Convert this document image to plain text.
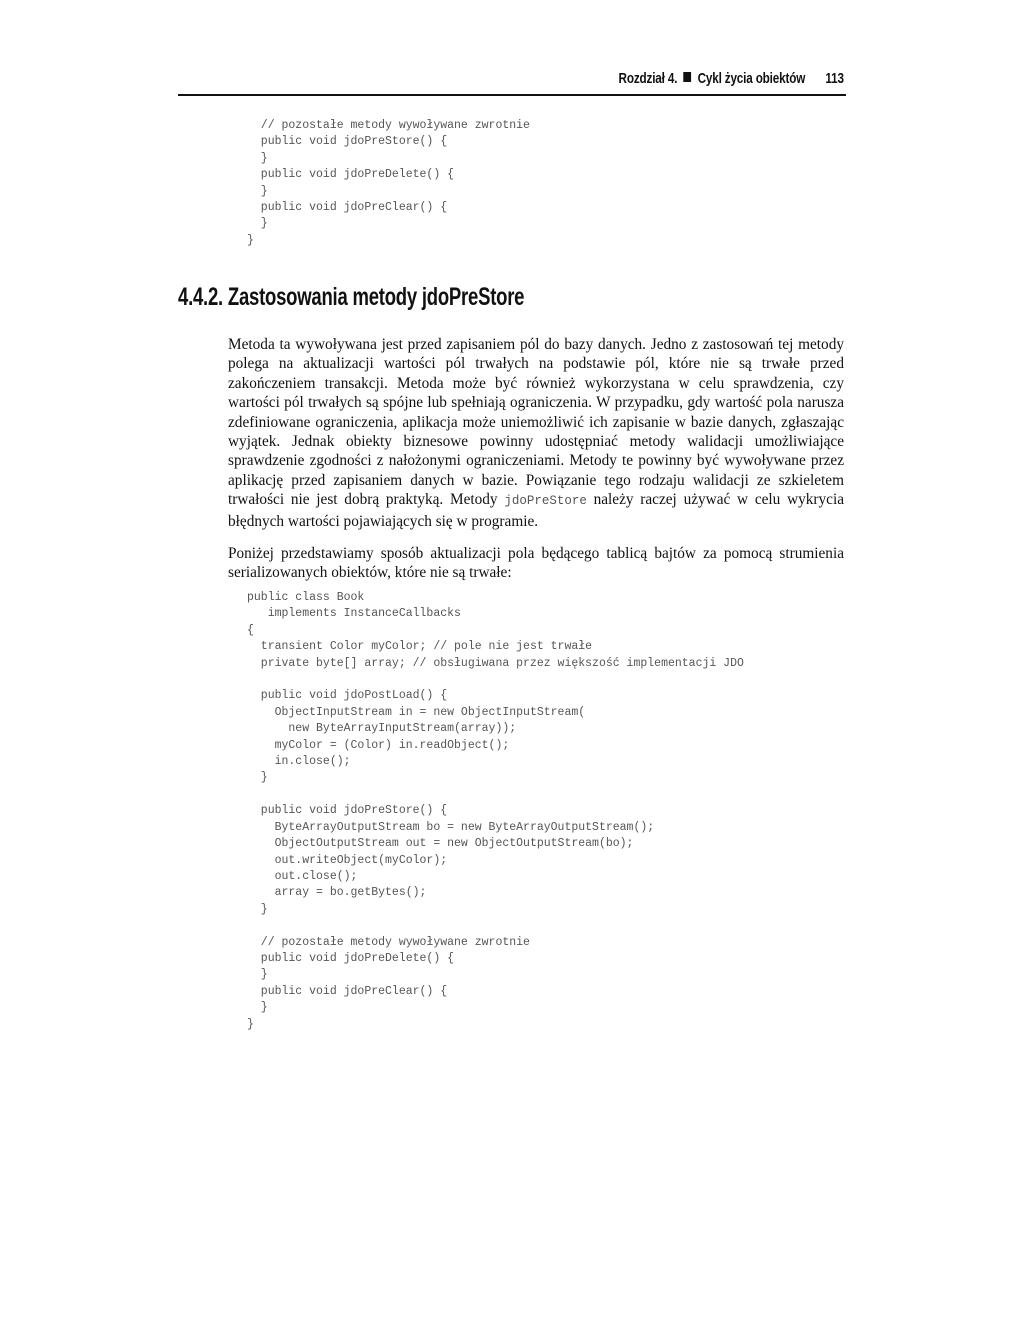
Rozdział 4. Cykl życia obiektów 113
// pozostałe metody wywoływane zwrotnie
public void jdoPreStore() {
}
public void jdoPreDelete() {
}
public void jdoPreClear() {
}
}
4.4.2. Zastosowania metody jdoPreStore

Metoda ta wywoływana jest przed zapisaniem pól do bazy danych. Jedno z zastosowań tej metody polega na aktualizacji wartości pól trwałych na podstawie pól, które nie są trwałe przed zakończeniem transakcji. Metoda może być również wykorzystana w celu sprawdzenia, czy wartości pól trwałych są spójne lub spełniają ograniczenia. W przypadku, gdy wartość pola narusza zdefiniowane ograniczenia, aplikacja może uniemożliwić ich zapisanie w bazie danych, zgłaszając wyjątek. Jednak obiekty biznesowe powinny udostępniać metody walidacji umożliwiające sprawdzenie zgodności z nałożonymi ograniczeniami. Metody te powinny być wywoływane przez aplikację przed zapisaniem danych w bazie. Powiązanie tego rodzaju walidacji ze szkieletem trwałości nie jest dobrą praktyką. Metody jdoPreStore należy raczej używać w celu wykrycia błędnych wartości pojawiających się w programie.

Poniżej przedstawiamy sposób aktualizacji pola będącego tablicą bajtów za pomocą strumienia serializowanych obiektów, które nie są trwałe:

public class Book
implements InstanceCallbacks
{
transient Color myColor; // pole nie jest trwałe
private byte[] array; // obsługiwana przez większość implementacji JDO

public void jdoPostLoad() {
ObjectInputStream in = new ObjectInputStream(
new ByteArrayInputStream(array));
myColor = (Color) in.readObject();
in.close();
}

public void jdoPreStore() {
ByteArrayOutputStream bo = new ByteArrayOutputStream();
ObjectOutputStream out = new ObjectOutputStream(bo);
out.writeObject(myColor);
out.close();
array = bo.getBytes();
}

// pozostałe metody wywoływane zwrotnie
public void jdoPreDelete() {
}
public void jdoPreClear() {
}
}
